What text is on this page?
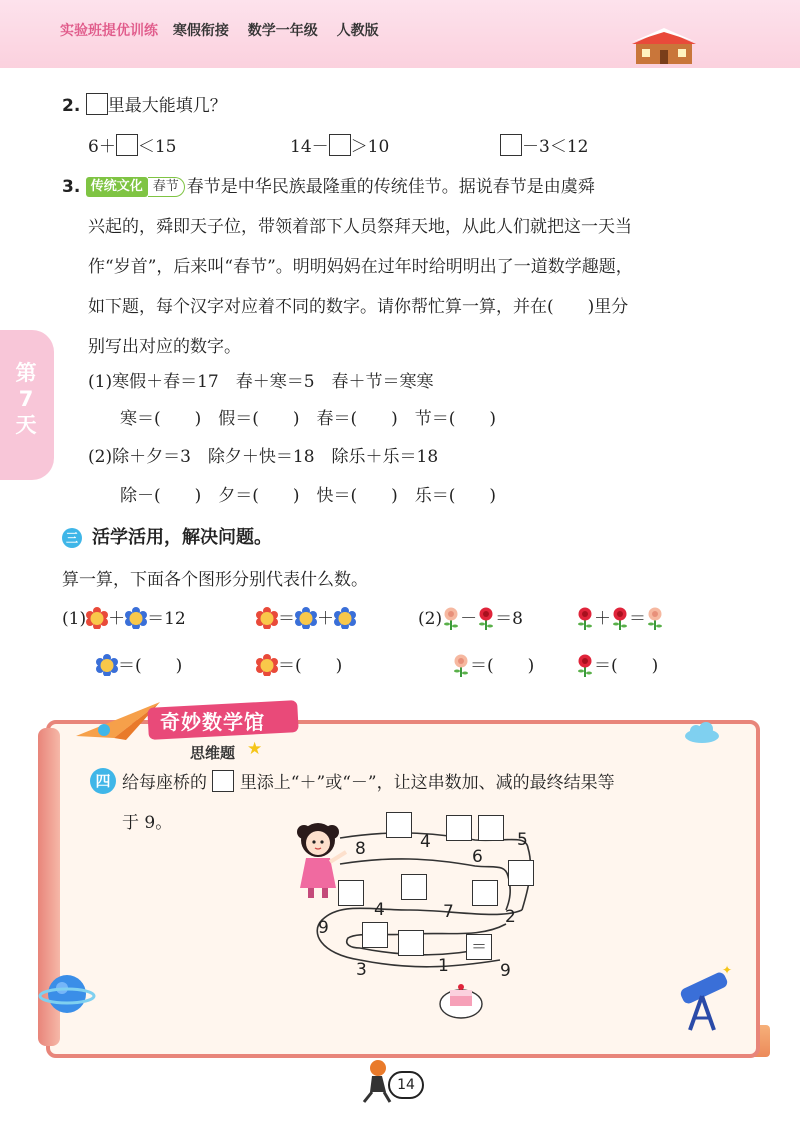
实验班提优训练 寒假衔接 数学一年级 人教版
第7天
2. 里最大能填几？
6＋ ＜15	14－ ＞10	－3＜12
3. 传统文化 春节 春节是中华民族最隆重的传统佳节。据说春节是由虞舜
兴起的，舜即天子位，带领着部下人员祭拜天地，从此人们就把这一天当
作“岁首”，后来叫“春节”。明明妈妈在过年时给明明出了一道数学趣题，
如下题，每个汉字对应着不同的数字。请你帮忙算一算，并在(　　)里分
别写出对应的数字。
(1)寒假＋春＝17　春＋寒＝5　春＋节＝寒寒
寒＝(　　)　假＝(　　)　春＝(　　)　节＝(　　)
(2)除＋夕＝3　除夕＋快＝18　除乐＋乐＝18
除－(　　)　夕＝(　　)　快＝(　　)　乐＝(　　)
三 活学活用，解决问题。
算一算，下面各个图形分别代表什么数。
(1) ＋ ＝12	＝ ＋	(2) － ＝8	＋ ＝
＝(　　)	＝(　　)	＝(　　)	＝(　　)
奇妙数学馆
思维题 ★
四 给每座桥的 里添上“＋”或“－”，让这串数加、减的最终结果等
于 9。
8	4
6
5
2
7
4
9
3	1	9
＝
✦
14
